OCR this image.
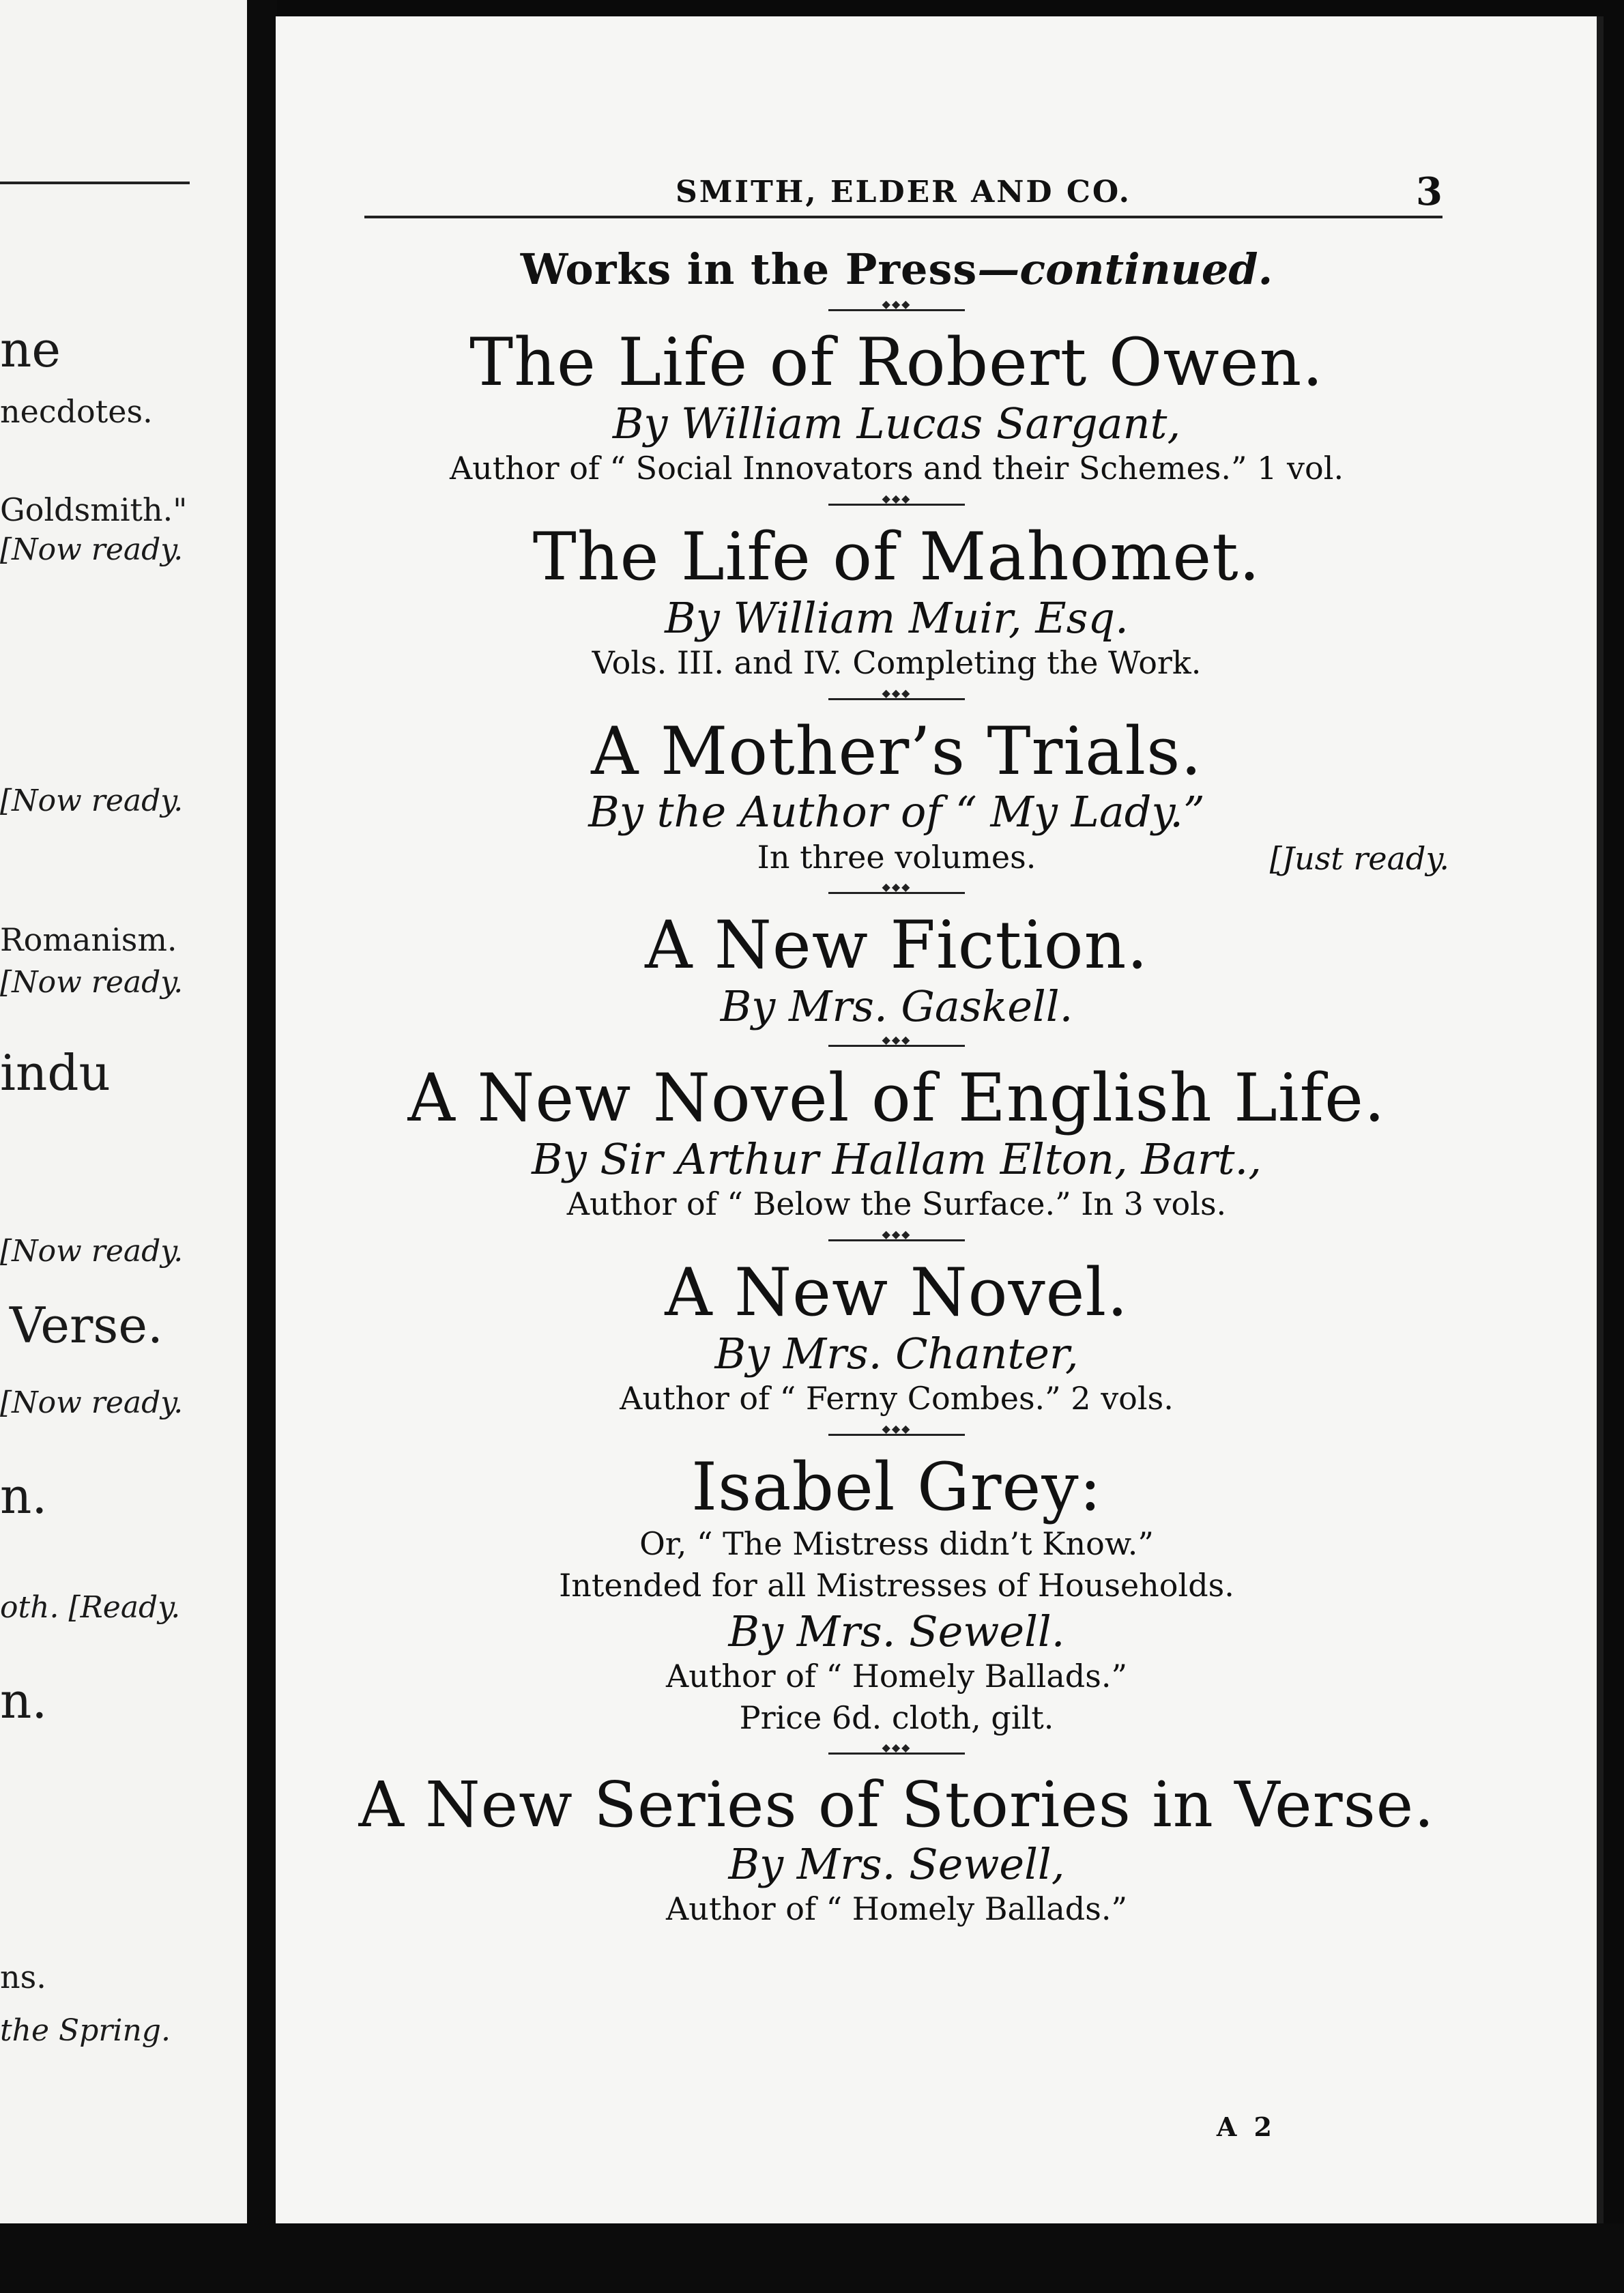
ne
necdotes.
Goldsmith."
[Now ready.
[Now ready.
Romanism.
[Now ready.
indu
[Now ready.
Verse.
[Now ready.
n.
oth. [Ready.
n.
ns.
the Spring.
SMITH, ELDER AND CO.	3
Works in the Press—continued.
◆◆◆
The Life of Robert Owen.
By William Lucas Sargant,
Author of “ Social Innovators and their Schemes.” 1 vol.
◆◆◆
The Life of Mahomet.
By William Muir, Esq.
Vols. III. and IV. Completing the Work.
◆◆◆
A Mother’s Trials.
By the Author of “ My Lady.”
In three volumes.	[Just ready.
◆◆◆
A New Fiction.
By Mrs. Gaskell.
◆◆◆
A New Novel of English Life.
By Sir Arthur Hallam Elton, Bart.,
Author of “ Below the Surface.” In 3 vols.
◆◆◆
A New Novel.
By Mrs. Chanter,
Author of “ Ferny Combes.” 2 vols.
◆◆◆
Isabel Grey:
Or, “ The Mistress didn’t Know.”
Intended for all Mistresses of Households.
By Mrs. Sewell.
Author of “ Homely Ballads.”
Price 6d. cloth, gilt.
◆◆◆
A New Series of Stories in Verse.
By Mrs. Sewell,
Author of “ Homely Ballads.”
A 2
